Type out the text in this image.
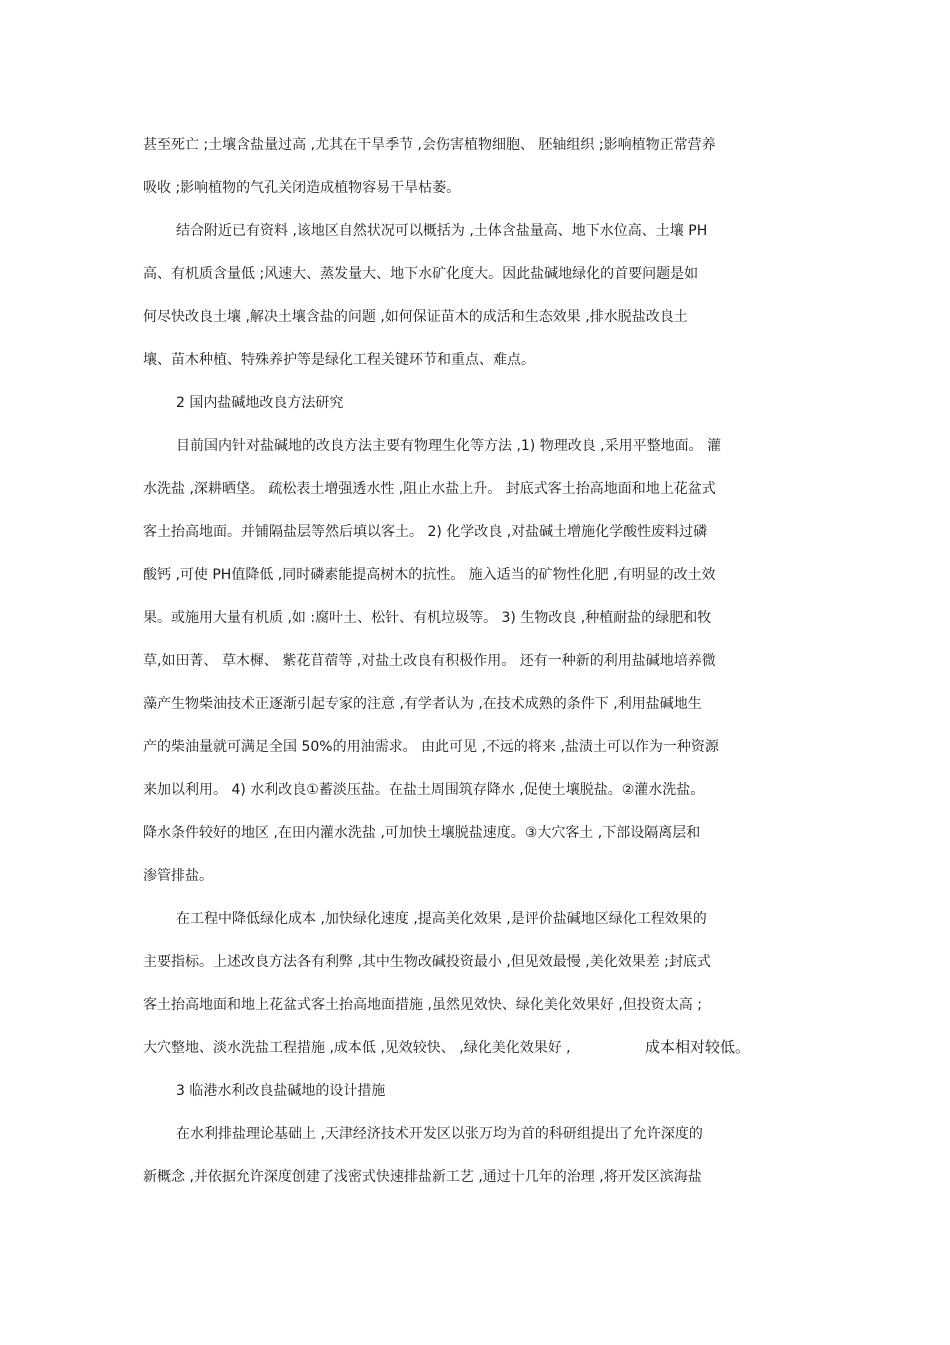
甚至死亡 ;土壤含盐量过高 ,尤其在干旱季节 ,会伤害植物细胞、 胚轴组织 ;影响植物正常营养
吸收 ;影响植物的气孔关闭造成植物容易干旱枯萎。
结合附近已有资料 ,该地区自然状况可以概括为 ,土体含盐量高、地下水位高、土壤 PH
高、有机质含量低 ;风速大、蒸发量大、地下水矿化度大。因此盐碱地绿化的首要问题是如
何尽快改良土壤 ,解决土壤含盐的问题 ,如何保证苗木的成活和生态效果 ,排水脱盐改良土
壤、苗木种植、特殊养护等是绿化工程关键环节和重点、难点。
2 国内盐碱地改良方法研究
目前国内针对盐碱地的改良方法主要有物理生化等方法 ,1) 物理改良 ,采用平整地面。 灌
水洗盐 ,深耕晒垡。 疏松表土增强透水性 ,阻止水盐上升。 封底式客土抬高地面和地上花盆式
客土抬高地面。并铺隔盐层等然后填以客土。 2) 化学改良 ,对盐碱土增施化学酸性废料过磷
酸钙 ,可使 PH值降低 ,同时磷素能提高树木的抗性。 施入适当的矿物性化肥 ,有明显的改土效
果。或施用大量有机质 ,如 :腐叶土、松针、有机垃圾等。 3) 生物改良 ,种植耐盐的绿肥和牧
草,如田菁、 草木樨、 紫花苜蓿等 ,对盐土改良有积极作用。 还有一种新的利用盐碱地培养微
藻产生物柴油技术正逐渐引起专家的注意 ,有学者认为 ,在技术成熟的条件下 ,利用盐碱地生
产的柴油量就可满足全国 50%的用油需求。 由此可见 ,不远的将来 ,盐渍土可以作为一种资源
来加以利用。 4) 水利改良①蓄淡压盐。在盐土周围筑存降水 ,促使土壤脱盐。②灌水洗盐。
降水条件较好的地区 ,在田内灌水洗盐 ,可加快土壤脱盐速度。③大穴客土 ,下部设隔离层和
渗管排盐。
在工程中降低绿化成本 ,加快绿化速度 ,提高美化效果 ,是评价盐碱地区绿化工程效果的
主要指标。上述改良方法各有利弊 ,其中生物改碱投资最小 ,但见效最慢 ,美化效果差 ;封底式
客土抬高地面和地上花盆式客土抬高地面措施 ,虽然见效快、绿化美化效果好 ,但投资太高 ;
大穴整地、淡水洗盐工程措施 ,成本低 ,见效较快、 ,绿化美化效果好 ,	成本相对较低。
3 临港水利改良盐碱地的设计措施
在水利排盐理论基础上 ,天津经济技术开发区以张万均为首的科研组提出了允许深度的
新概念 ,并依据允许深度创建了浅密式快速排盐新工艺 ,通过十几年的治理 ,将开发区滨海盐
